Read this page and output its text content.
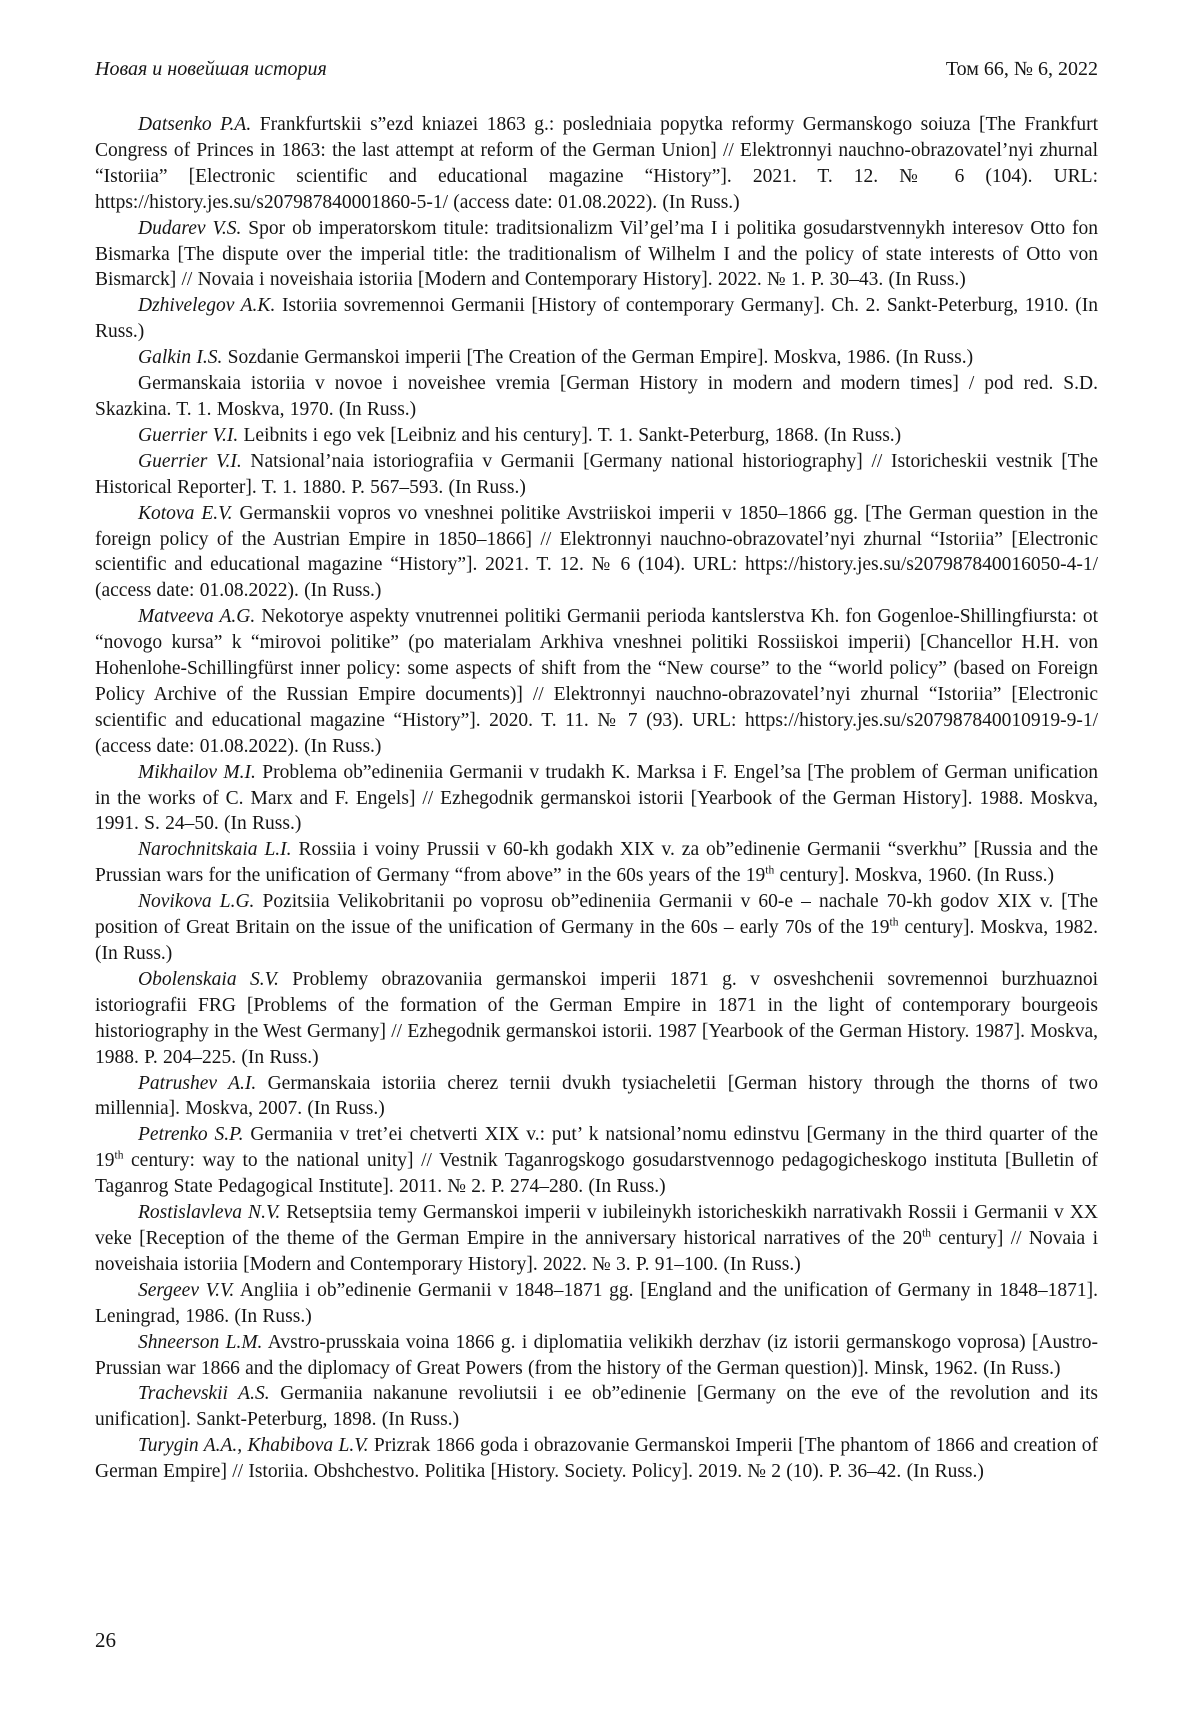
Новая и новейшая история	Том 66, № 6, 2022

Datsenko P.A. Frankfurtskii s”ezd kniazei 1863 g.: posledniaia popytka reformy Germanskogo soiuza [The Frankfurt Congress of Princes in 1863: the last attempt at reform of the German Union] // Elektronnyi nauchno-obrazovatel’nyi zhurnal “Istoriia” [Electronic scientific and educational magazine “History”]. 2021. T. 12. № 6 (104). URL: https://history.jes.su/s207987840001860-5-1/ (access date: 01.08.2022). (In Russ.)

Dudarev V.S. Spor ob imperatorskom titule: traditsionalizm Vil’gel’ma I i politika gosudarstvennykh interesov Otto fon Bismarka [The dispute over the imperial title: the traditionalism of Wilhelm I and the policy of state interests of Otto von Bismarck] // Novaia i noveishaia istoriia [Modern and Contemporary History]. 2022. № 1. P. 30–43. (In Russ.)

Dzhivelegov A.K. Istoriia sovremennoi Germanii [History of contemporary Germany]. Ch. 2. Sankt-Peterburg, 1910. (In Russ.)

Galkin I.S. Sozdanie Germanskoi imperii [The Creation of the German Empire]. Moskva, 1986. (In Russ.)

Germanskaia istoriia v novoe i noveishee vremia [German History in modern and modern times] / pod red. S.D. Skazkina. T. 1. Moskva, 1970. (In Russ.)

Guerrier V.I. Leibnits i ego vek [Leibniz and his century]. T. 1. Sankt-Peterburg, 1868. (In Russ.)

Guerrier V.I. Natsional’naia istoriografiia v Germanii [Germany national historiography] // Istoricheskii vestnik [The Historical Reporter]. T. 1. 1880. P. 567–593. (In Russ.)

Kotova E.V. Germanskii vopros vo vneshnei politike Avstriiskoi imperii v 1850–1866 gg. [The German question in the foreign policy of the Austrian Empire in 1850–1866] // Elektronnyi nauchno-obrazovatel’nyi zhurnal “Istoriia” [Electronic scientific and educational magazine “History”]. 2021. T. 12. № 6 (104). URL: https://history.jes.su/s207987840016050-4-1/ (access date: 01.08.2022). (In Russ.)

Matveeva A.G. Nekotorye aspekty vnutrennei politiki Germanii perioda kantslerstva Kh. fon Gogenloe-Shillingfiursta: ot “novogo kursa” k “mirovoi politike” (po materialam Arkhiva vneshnei politiki Rossiiskoi imperii) [Chancellor H.H. von Hohenlohe-Schillingfürst inner policy: some aspects of shift from the “New course” to the “world policy” (based on Foreign Policy Archive of the Russian Empire documents)] // Elektronnyi nauchno-obrazovatel’nyi zhurnal “Istoriia” [Electronic scientific and educational magazine “History”]. 2020. T. 11. № 7 (93). URL: https://history.jes.su/s207987840010919-9-1/ (access date: 01.08.2022). (In Russ.)

Mikhailov M.I. Problema ob”edineniia Germanii v trudakh K. Marksa i F. Engel’sa [The problem of German unification in the works of C. Marx and F. Engels] // Ezhegodnik germanskoi istorii [Yearbook of the German History]. 1988. Moskva, 1991. S. 24–50. (In Russ.)

Narochnitskaia L.I. Rossiia i voiny Prussii v 60-kh godakh XIX v. za ob”edinenie Germanii “sverkhu” [Russia and the Prussian wars for the unification of Germany “from above” in the 60s years of the 19th century]. Moskva, 1960. (In Russ.)

Novikova L.G. Pozitsiia Velikobritanii po voprosu ob”edineniia Germanii v 60-e – nachale 70-kh godov XIX v. [The position of Great Britain on the issue of the unification of Germany in the 60s – early 70s of the 19th century]. Moskva, 1982. (In Russ.)

Obolenskaia S.V. Problemy obrazovaniia germanskoi imperii 1871 g. v osveshchenii sovremennoi burzhuaznoi istoriografii FRG [Problems of the formation of the German Empire in 1871 in the light of contemporary bourgeois historiography in the West Germany] // Ezhegodnik germanskoi istorii. 1987 [Yearbook of the German History. 1987]. Moskva, 1988. P. 204–225. (In Russ.)

Patrushev A.I. Germanskaia istoriia cherez ternii dvukh tysiacheletii [German history through the thorns of two millennia]. Moskva, 2007. (In Russ.)

Petrenko S.P. Germaniia v tret’ei chetverti XIX v.: put’ k natsional’nomu edinstvu [Germany in the third quarter of the 19th century: way to the national unity] // Vestnik Taganrogskogo gosudarstvennogo pedagogicheskogo instituta [Bulletin of Taganrog State Pedagogical Institute]. 2011. № 2. P. 274–280. (In Russ.)

Rostislavleva N.V. Retseptsiia temy Germanskoi imperii v iubileinykh istoricheskikh narrativakh Rossii i Germanii v XX veke [Reception of the theme of the German Empire in the anniversary historical narratives of the 20th century] // Novaia i noveishaia istoriia [Modern and Contemporary History]. 2022. № 3. P. 91–100. (In Russ.)

Sergeev V.V. Angliia i ob”edinenie Germanii v 1848–1871 gg. [England and the unification of Germany in 1848–1871]. Leningrad, 1986. (In Russ.)

Shneerson L.M. Avstro-prusskaia voina 1866 g. i diplomatiia velikikh derzhav (iz istorii germanskogo voprosa) [Austro-Prussian war 1866 and the diplomacy of Great Powers (from the history of the German question)]. Minsk, 1962. (In Russ.)

Trachevskii A.S. Germaniia nakanune revoliutsii i ee ob”edinenie [Germany on the eve of the revolution and its unification]. Sankt-Peterburg, 1898. (In Russ.)

Turygin A.A., Khabibova L.V. Prizrak 1866 goda i obrazovanie Germanskoi Imperii [The phantom of 1866 and creation of German Empire] // Istoriia. Obshchestvo. Politika [History. Society. Policy]. 2019. № 2 (10). P. 36–42. (In Russ.)

26
